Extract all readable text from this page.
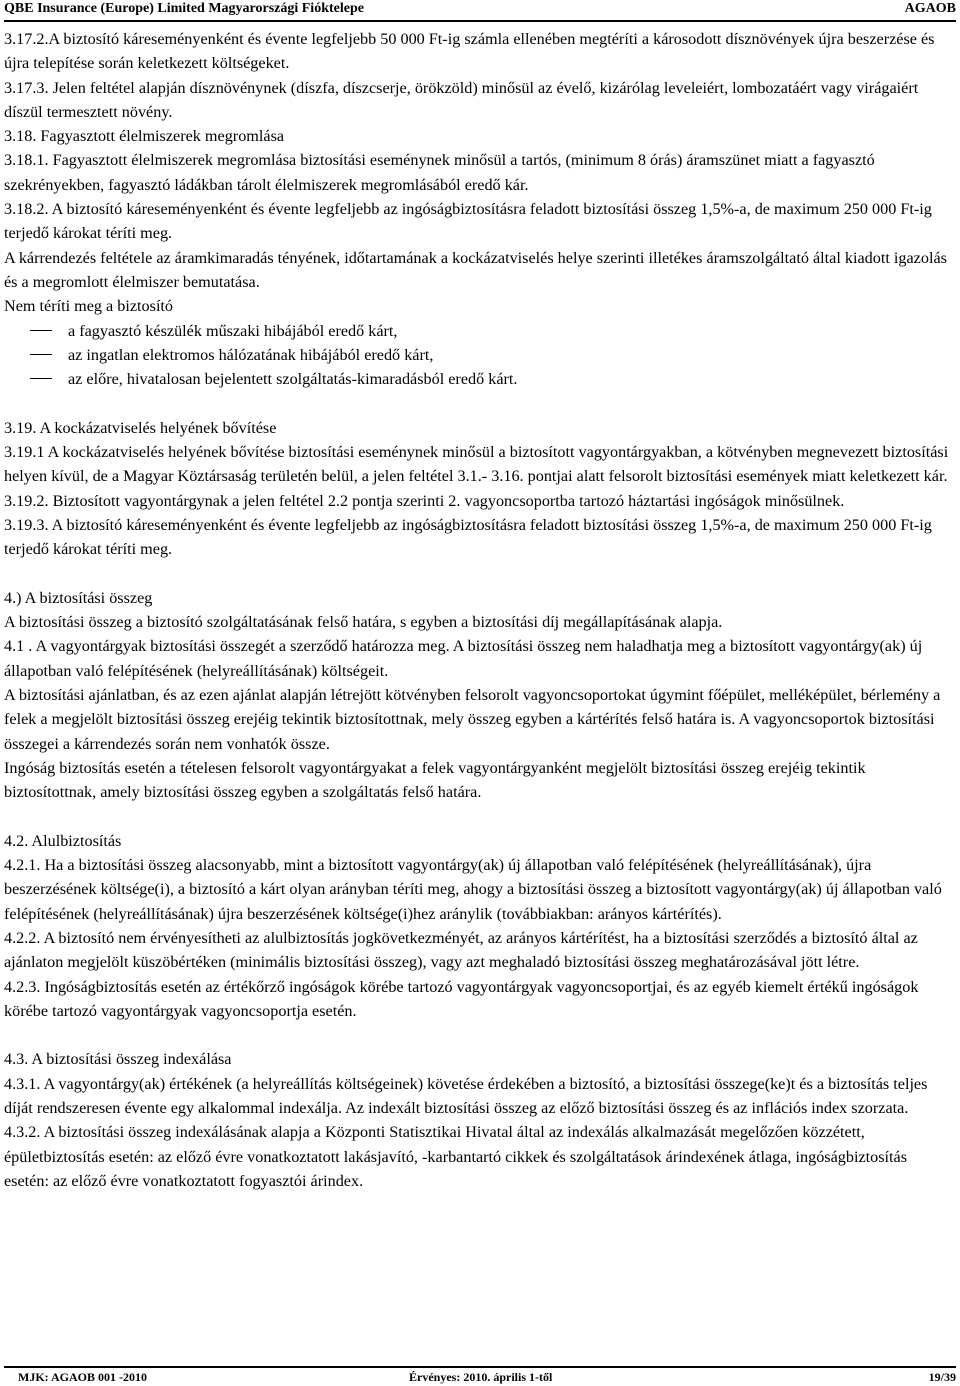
QBE Insurance (Europe) Limited Magyarországi Fióktelepe	AGAOB

3.17.2.A biztosító káreseményenként és évente legfeljebb 50 000 Ft-ig számla ellenében megtéríti a károsodott dísznövények újra beszerzése és újra telepítése során keletkezett költségeket.

3.17.3. Jelen feltétel alapján dísznövénynek (díszfa, díszcserje, örökzöld) minősül az évelő, kizárólag leveleiért, lombozatáért vagy virágaiért díszül termesztett növény.

3.18. Fagyasztott élelmiszerek megromlása

3.18.1. Fagyasztott élelmiszerek megromlása biztosítási eseménynek minősül a tartós, (minimum 8 órás) áramszünet miatt a fagyasztó szekrényekben, fagyasztó ládákban tárolt élelmiszerek megromlásából eredő kár.

3.18.2. A biztosító káreseményenként és évente legfeljebb az ingóságbiztosításra feladott biztosítási összeg 1,5%-a, de maximum 250 000 Ft-ig terjedő károkat téríti meg.

A kárrendezés feltétele az áramkimaradás tényének, időtartamának a kockázatviselés helye szerinti illetékes áramszolgáltató által kiadott igazolás és a megromlott élelmiszer bemutatása.

Nem téríti meg a biztosító

a fagyasztó készülék műszaki hibájából eredő kárt,
az ingatlan elektromos hálózatának hibájából eredő kárt,
az előre, hivatalosan bejelentett szolgáltatás-kimaradásból eredő kárt.

3.19. A kockázatviselés helyének bővítése

3.19.1 A kockázatviselés helyének bővítése biztosítási eseménynek minősül a biztosított vagyontárgyakban, a kötvényben megnevezett biztosítási helyen kívül, de a Magyar Köztársaság területén belül, a jelen feltétel 3.1.- 3.16. pontjai alatt felsorolt biztosítási események miatt keletkezett kár.

3.19.2. Biztosított vagyontárgynak a jelen feltétel 2.2 pontja szerinti 2. vagyoncsoportba tartozó háztartási ingóságok minősülnek.

3.19.3. A biztosító káreseményenként és évente legfeljebb az ingóságbiztosításra feladott biztosítási összeg 1,5%-a, de maximum 250 000 Ft-ig terjedő károkat téríti meg.

4.) A biztosítási összeg

A biztosítási összeg a biztosító szolgáltatásának felső határa, s egyben a biztosítási díj megállapításának alapja.

4.1 . A vagyontárgyak biztosítási összegét a szerződő határozza meg. A biztosítási összeg nem haladhatja meg a biztosított vagyontárgy(ak) új állapotban való felépítésének (helyreállításának) költségeit.

A biztosítási ajánlatban, és az ezen ajánlat alapján létrejött kötvényben felsorolt vagyoncsoportokat úgymint főépület, melléképület, bérlemény a felek a megjelölt biztosítási összeg erejéig tekintik biztosítottnak, mely összeg egyben a kártérítés felső határa is. A vagyoncsoportok biztosítási összegei a kárrendezés során nem vonhatók össze.

Ingóság biztosítás esetén a tételesen felsorolt vagyontárgyakat a felek vagyontárgyanként megjelölt biztosítási összeg erejéig tekintik biztosítottnak, amely biztosítási összeg egyben a szolgáltatás felső határa.

4.2. Alulbiztosítás

4.2.1. Ha a biztosítási összeg alacsonyabb, mint a biztosított vagyontárgy(ak) új állapotban való felépítésének (helyreállításának), újra beszerzésének költsége(i), a biztosító a kárt olyan arányban téríti meg, ahogy a biztosítási összeg a biztosított vagyontárgy(ak) új állapotban való felépítésének (helyreállításának) újra beszerzésének költsége(i)hez aránylik (továbbiakban: arányos kártérítés).

4.2.2. A biztosító nem érvényesítheti az alulbiztosítás jogkövetkezményét, az arányos kártérítést, ha a biztosítási szerződés a biztosító által az ajánlaton megjelölt küszöbértéken (minimális biztosítási összeg), vagy azt meghaladó biztosítási összeg meghatározásával jött létre.

4.2.3. Ingóságbiztosítás esetén az értékőrző ingóságok körébe tartozó vagyontárgyak vagyoncsoportjai, és az egyéb kiemelt értékű ingóságok körébe tartozó vagyontárgyak vagyoncsoportja esetén.

4.3. A biztosítási összeg indexálása

4.3.1. A vagyontárgy(ak) értékének (a helyreállítás költségeinek) követése érdekében a biztosító, a biztosítási összege(ke)t és a biztosítás teljes díját rendszeresen évente egy alkalommal indexálja. Az indexált biztosítási összeg az előző biztosítási összeg és az inflációs index szorzata.

4.3.2. A biztosítási összeg indexálásának alapja a Központi Statisztikai Hivatal által az indexálás alkalmazását megelőzően közzétett, épületbiztosítás esetén: az előző évre vonatkoztatott lakásjavító, -karbantartó cikkek és szolgáltatások árindexének átlaga, ingóságbiztosítás esetén: az előző évre vonatkoztatott fogyasztói árindex.

MJK: AGAOB 001 -2010	Érvényes: 2010. április 1-től	19/39
